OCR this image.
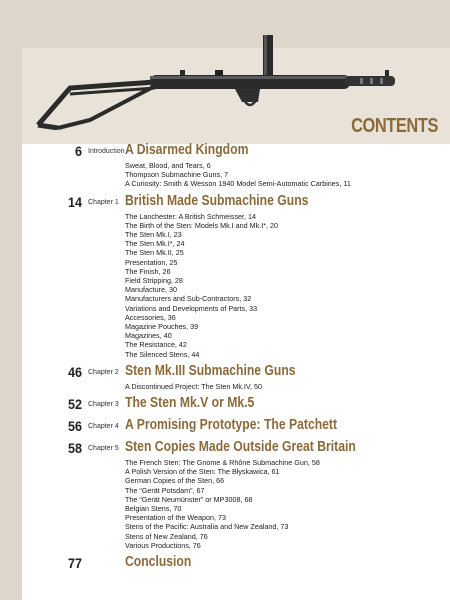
CONTENTS
6 Introduction A Disarmed Kingdom
Sweat, Blood, and Tears, 6
Thompson Submachine Guns, 7
A Curiosity: Smith & Wesson 1940 Model Semi-Automatic Carbines, 11
14 Chapter 1 British Made Submachine Guns
The Lanchester: A British Schmeisser, 14
The Birth of the Sten: Models Mk.I and Mk.I*, 20
The Sten Mk.I, 23
The Sten Mk.I*, 24
The Sten Mk.II, 25
Presentation, 25
The Finish, 26
Field Stripping, 28
Manufacture, 30
Manufacturers and Sub-Contractors, 32
Variations and Developments of Parts, 33
Accessories, 36
Magazine Pouches, 39
Magazines, 40
The Resistance, 42
The Silenced Stens, 44
46 Chapter 2 Sten Mk.III Submachine Guns
A Discontinued Project: The Sten Mk.IV, 50
52 Chapter 3 The Sten Mk.V or Mk.5
56 Chapter 4 A Promising Prototype: The Patchett
58 Chapter 5 Sten Copies Made Outside Great Britain
The French Sten: The Gnome & Rhône Submachine Gun, 58
A Polish Version of the Sten: The Błyskawica, 61
German Copies of the Sten, 66
The “Gerät Potsdam”, 67
The “Gerät Neumünster” or MP3008, 68
Belgian Stens, 70
Presentation of the Weapon, 73
Stens of the Pacific: Australia and New Zealand, 73
Stens of New Zealand, 76
Various Productions, 76
77	Conclusion
